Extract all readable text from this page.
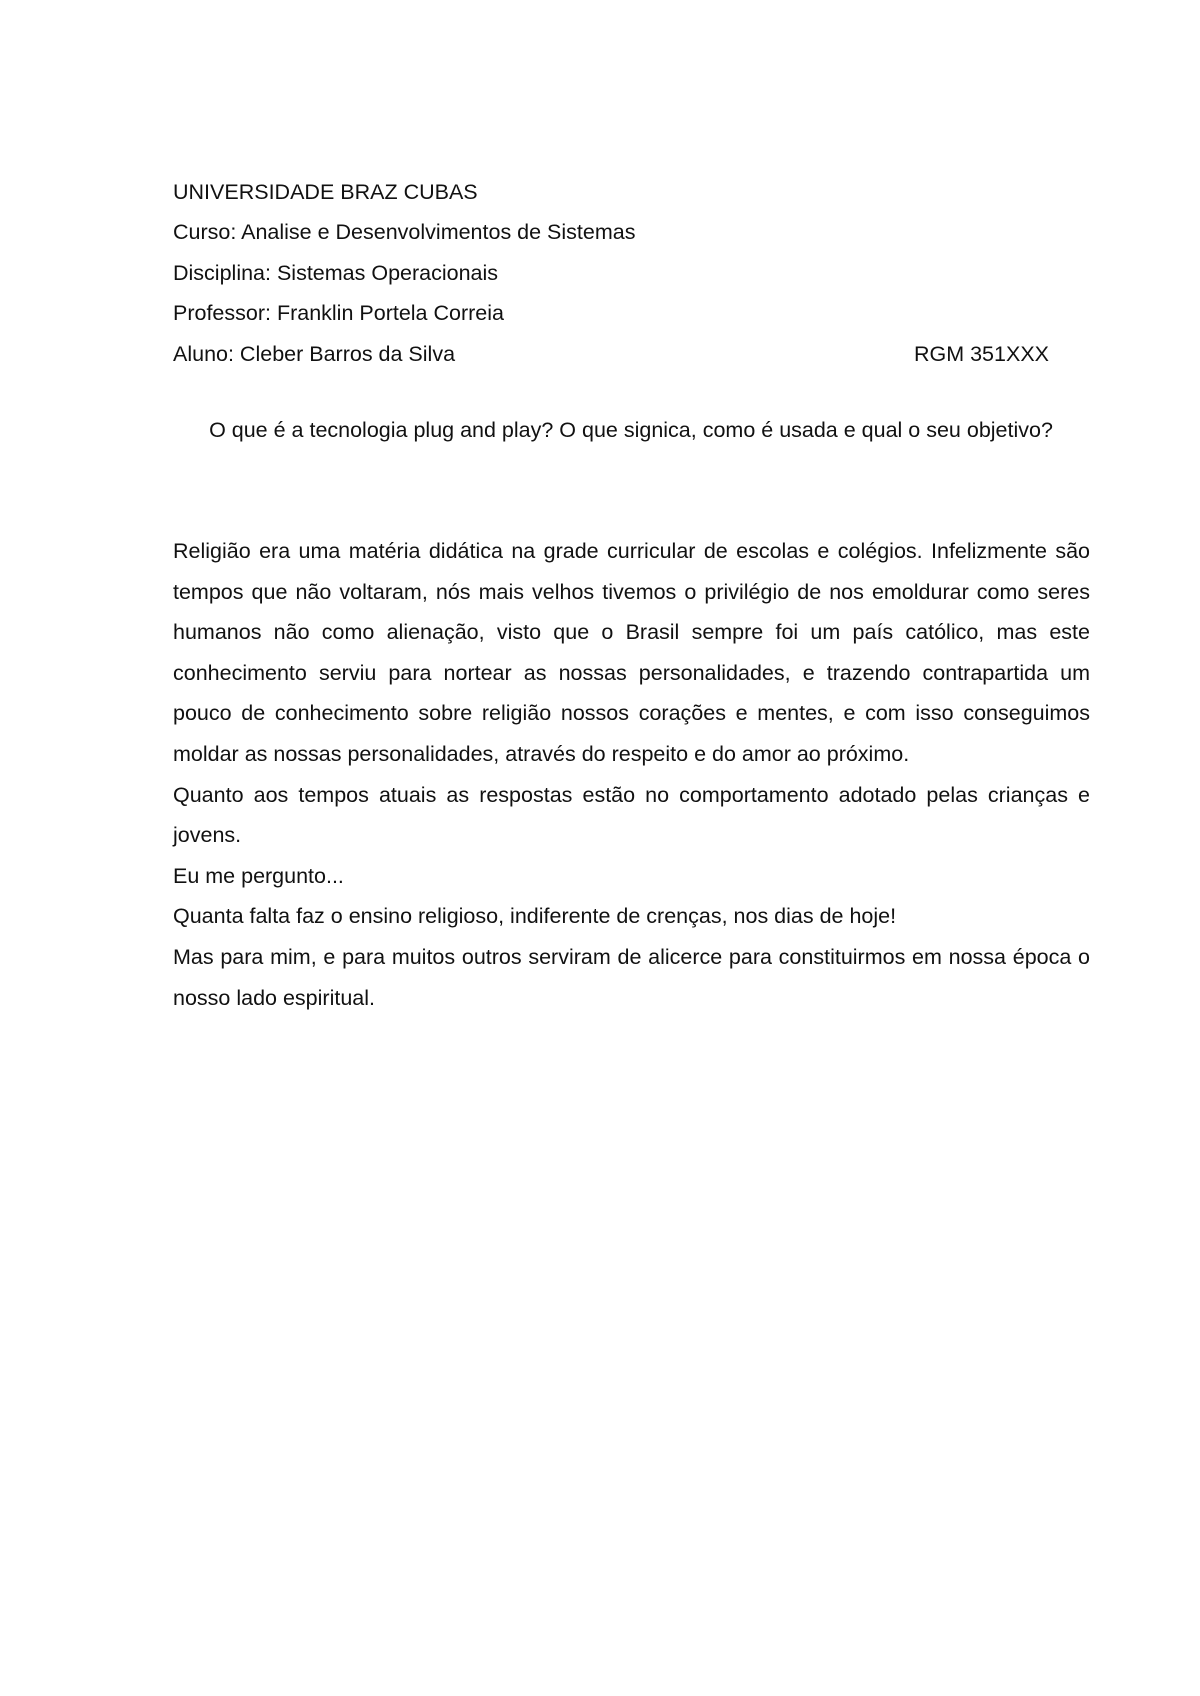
UNIVERSIDADE BRAZ CUBAS
Curso: Analise e Desenvolvimentos de Sistemas
Disciplina: Sistemas Operacionais
Professor: Franklin Portela Correia
Aluno: Cleber Barros da Silva	RGM 351XXX
O que é a tecnologia plug and play? O que signica, como é usada e qual o seu objetivo?

Religião era uma matéria didática na grade curricular de escolas e colégios. Infelizmente são tempos que não voltaram, nós mais velhos tivemos o privilégio de nos emoldurar como seres humanos não como alienação, visto que o Brasil sempre foi um país católico, mas este conhecimento serviu para nortear as nossas personalidades, e trazendo contrapartida um pouco de conhecimento sobre religião nossos corações e mentes, e com isso conseguimos moldar as nossas personalidades, através do respeito e do amor ao próximo.

Quanto aos tempos atuais as respostas estão no comportamento adotado pelas crianças e jovens.

Eu me pergunto...

Quanta falta faz o ensino religioso, indiferente de crenças, nos dias de hoje!

Mas para mim, e para muitos outros serviram de alicerce para constituirmos em nossa época o nosso lado espiritual.
